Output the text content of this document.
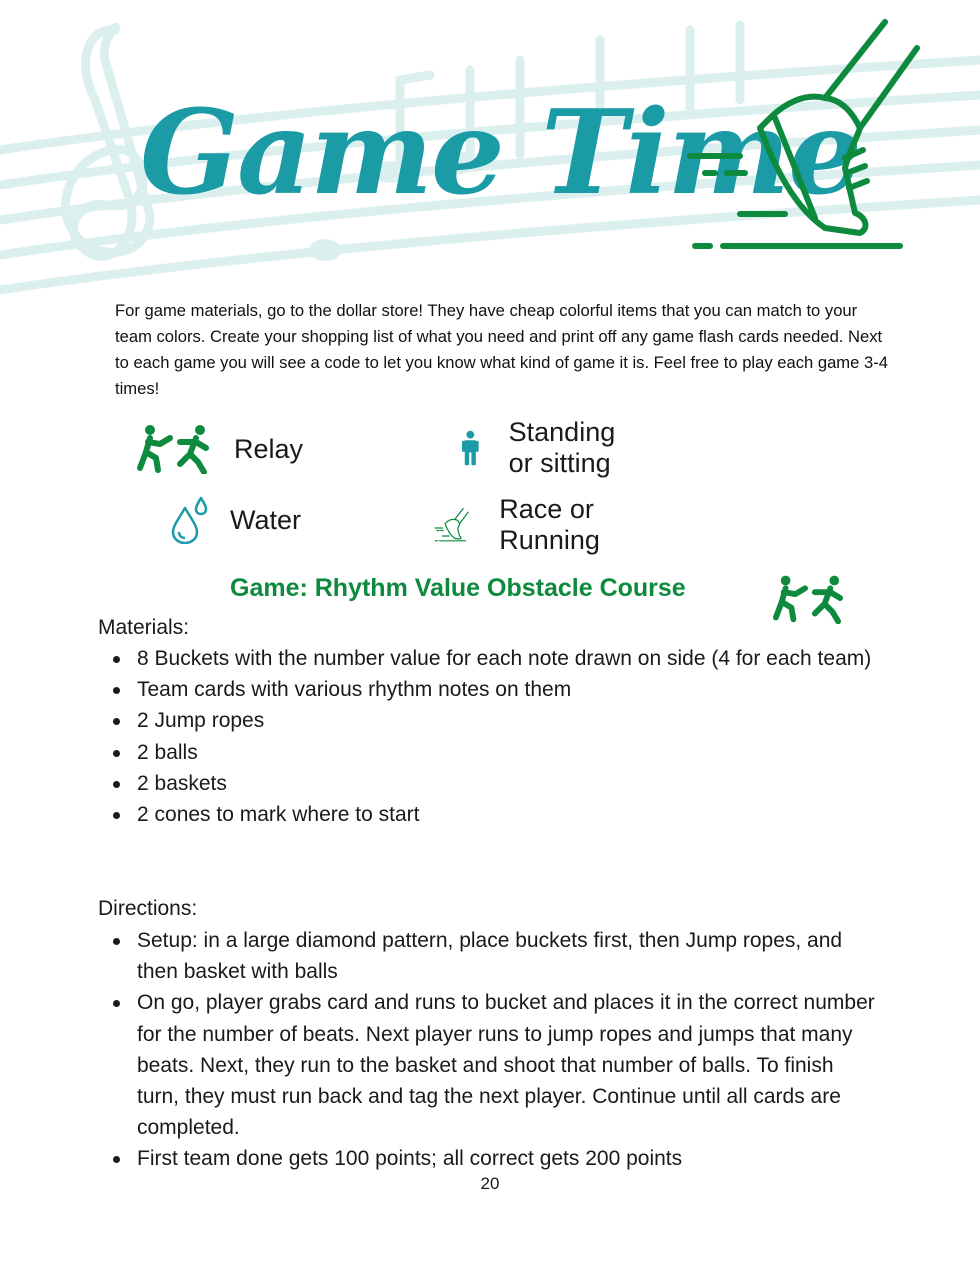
Game Time
For game materials, go to the dollar store! They have cheap colorful items that you can match to your team colors. Create your shopping list of what you need and print off any game flash cards needed. Next to each game you will see a code to let you know what kind of game it is. Feel free to play each game 3-4 times!
Relay
Standing or sitting
Water	Race or Running
Game: Rhythm Value Obstacle Course
Materials:
8 Buckets with the number value for each note drawn on side (4 for each team)
Team cards with various rhythm notes on them
2 Jump ropes
2 balls
2 baskets
2 cones to mark where to start
Directions:
Setup: in a large diamond pattern, place buckets first, then Jump ropes, and then basket with balls
On go, player grabs card and runs to bucket and places it in the correct number for the number of beats. Next player runs to jump ropes and jumps that many beats. Next, they run to the basket and shoot that number of balls. To finish turn, they must run back and tag the next player. Continue until all cards are completed.
First team done gets 100 points; all correct gets 200 points
20
